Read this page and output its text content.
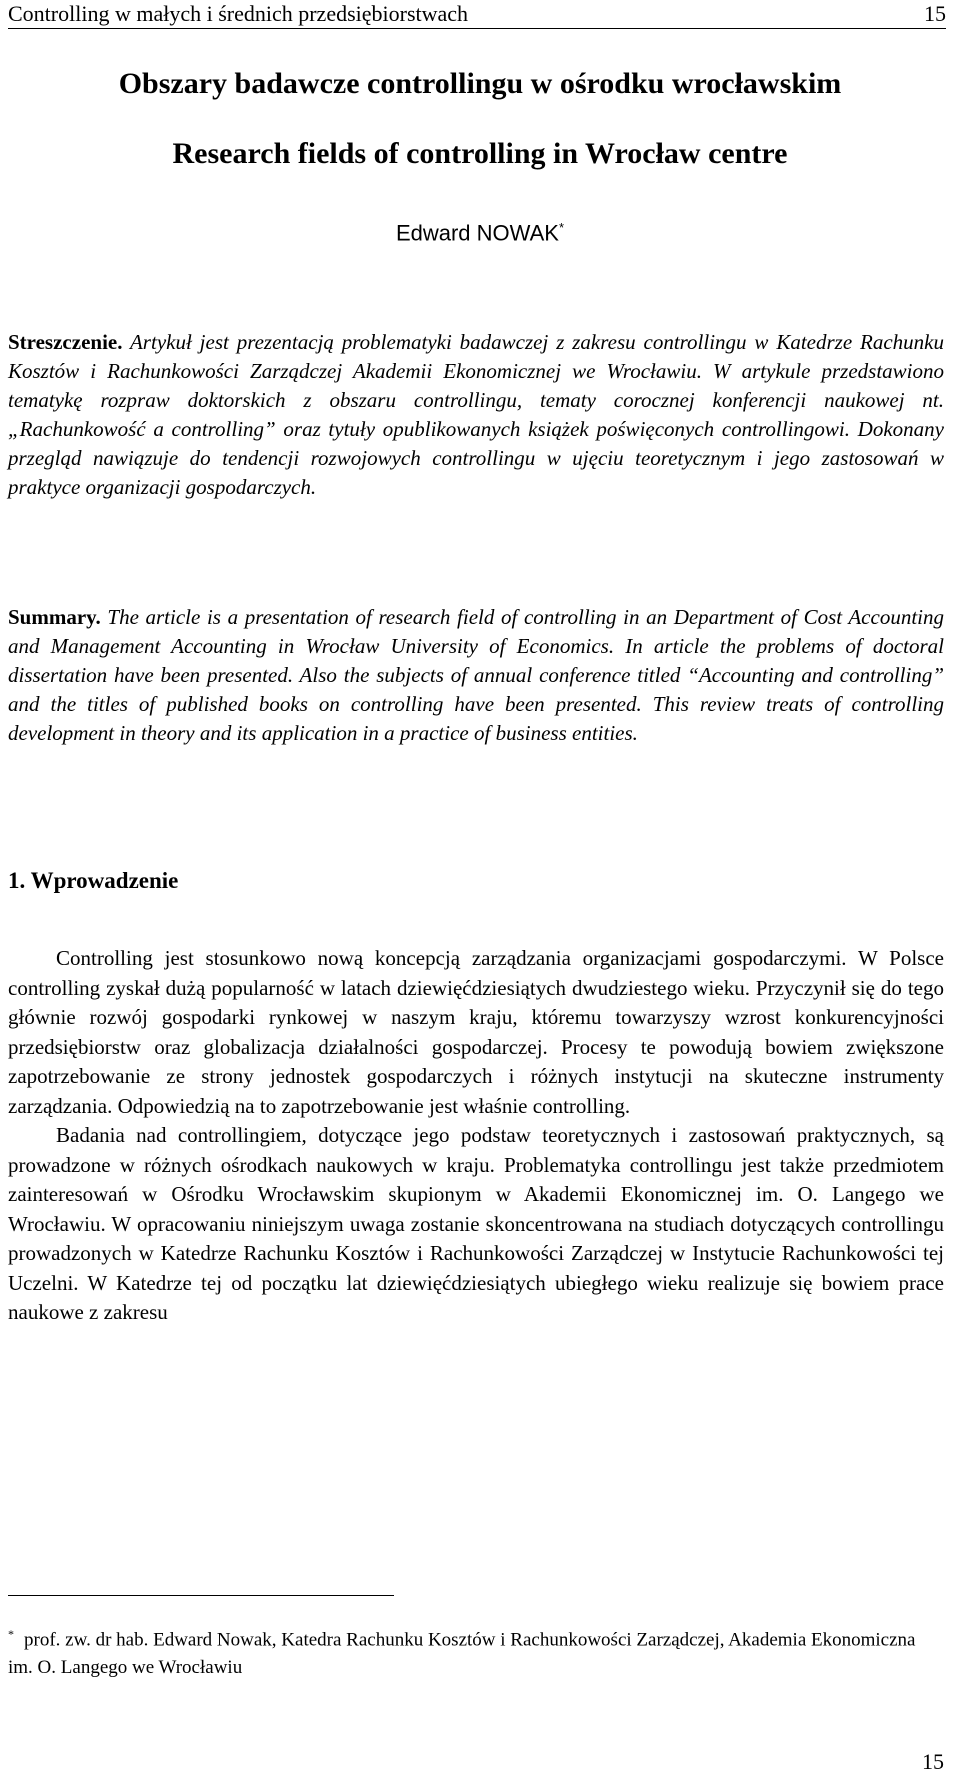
Controlling w małych i średnich przedsiębiorstwach	15
Obszary badawcze controllingu w ośrodku wrocławskim
Research fields of controlling in Wrocław centre
Edward NOWAK*

Streszczenie. Artykuł jest prezentacją problematyki badawczej z zakresu controllingu w Katedrze Rachunku Kosztów i Rachunkowości Zarządczej Akademii Ekonomicznej we Wrocławiu. W artykule przedstawiono tematykę rozpraw doktorskich z obszaru controllingu, tematy corocznej konferencji naukowej nt. „Rachunkowość a controlling” oraz tytuły opublikowanych książek poświęconych controllingowi. Dokonany przegląd nawiązuje do tendencji rozwojowych controllingu w ujęciu teoretycznym i jego zastosowań w praktyce organizacji gospodarczych.

Summary. The article is a presentation of research field of controlling in an Department of Cost Accounting and Management Accounting in Wrocław University of Economics. In article the problems of doctoral dissertation have been presented. Also the subjects of annual conference titled “Accounting and controlling” and the titles of published books on controlling have been presented. This review treats of controlling development in theory and its application in a practice of business entities.

1. Wprowadzenie

Controlling jest stosunkowo nową koncepcją zarządzania organizacjami gospodarczymi. W Polsce controlling zyskał dużą popularność w latach dziewięćdziesiątych dwudziestego wieku. Przyczynił się do tego głównie rozwój gospodarki rynkowej w naszym kraju, któremu towarzyszy wzrost konkurencyjności przedsiębiorstw oraz globalizacja działalności gospodarczej. Procesy te powodują bowiem zwiększone zapotrzebowanie ze strony jednostek gospodarczych i różnych instytucji na skuteczne instrumenty zarządzania. Odpowiedzią na to zapotrzebowanie jest właśnie controlling.

Badania nad controllingiem, dotyczące jego podstaw teoretycznych i zastosowań praktycznych, są prowadzone w różnych ośrodkach naukowych w kraju. Problematyka controllingu jest także przedmiotem zainteresowań w Ośrodku Wrocławskim skupionym w Akademii Ekonomicznej im. O. Langego we Wrocławiu. W opracowaniu niniejszym uwaga zostanie skoncentrowana na studiach dotyczących controllingu prowadzonych w Katedrze Rachunku Kosztów i Rachunkowości Zarządczej w Instytucie Rachunkowości tej Uczelni. W Katedrze tej od początku lat dziewięćdziesiątych ubiegłego wieku realizuje się bowiem prace naukowe z zakresu

* prof. zw. dr hab. Edward Nowak, Katedra Rachunku Kosztów i Rachunkowości Zarządczej, Akademia Ekonomiczna im. O. Langego we Wrocławiu

15
